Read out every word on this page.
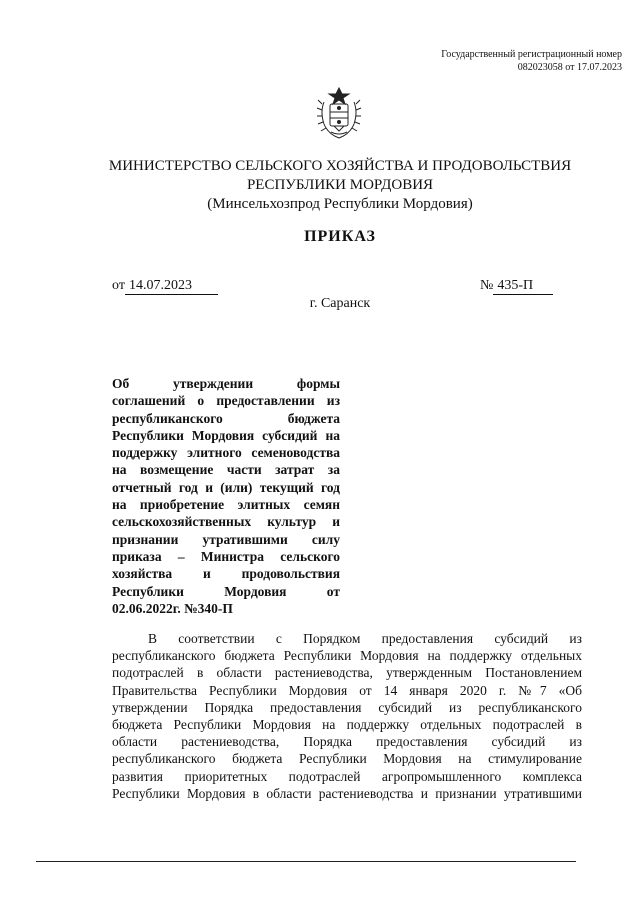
Государственный регистрационный номер
082023058 от 17.07.2023
МИНИСТЕРСТВО СЕЛЬСКОГО ХОЗЯЙСТВА И ПРОДОВОЛЬСТВИЯ
РЕСПУБЛИКИ МОРДОВИЯ
(Минсельхозпрод Республики Мордовия)
ПРИКАЗ
от 14.07.2023	№ 435-П
г. Саранск
Об утверждении формы
соглашений о предоставлении из
республиканского бюджета
Республики Мордовия субсидий на
поддержку элитного семеноводства
на возмещение части затрат за
отчетный год и (или) текущий год
на приобретение элитных семян
сельскохозяйственных культур и
признании утратившими силу
приказа – Министра сельского
хозяйства и продовольствия
Республики Мордовия от
02.06.2022г. №340-П
В соответствии с Порядком предоставления субсидий из
республиканского бюджета Республики Мордовия на поддержку отдельных
подотраслей в области растениеводства, утвержденным Постановлением
Правительства Республики Мордовия от 14 января 2020 г. №7 «Об
утверждении Порядка предоставления субсидий из республиканского
бюджета Республики Мордовия на поддержку отдельных подотраслей в
области растениеводства, Порядка предоставления субсидий из
республиканского бюджета Республики Мордовия на стимулирование
развития приоритетных подотраслей агропромышленного комплекса
Республики Мордовия в области растениеводства и признании утратившими
